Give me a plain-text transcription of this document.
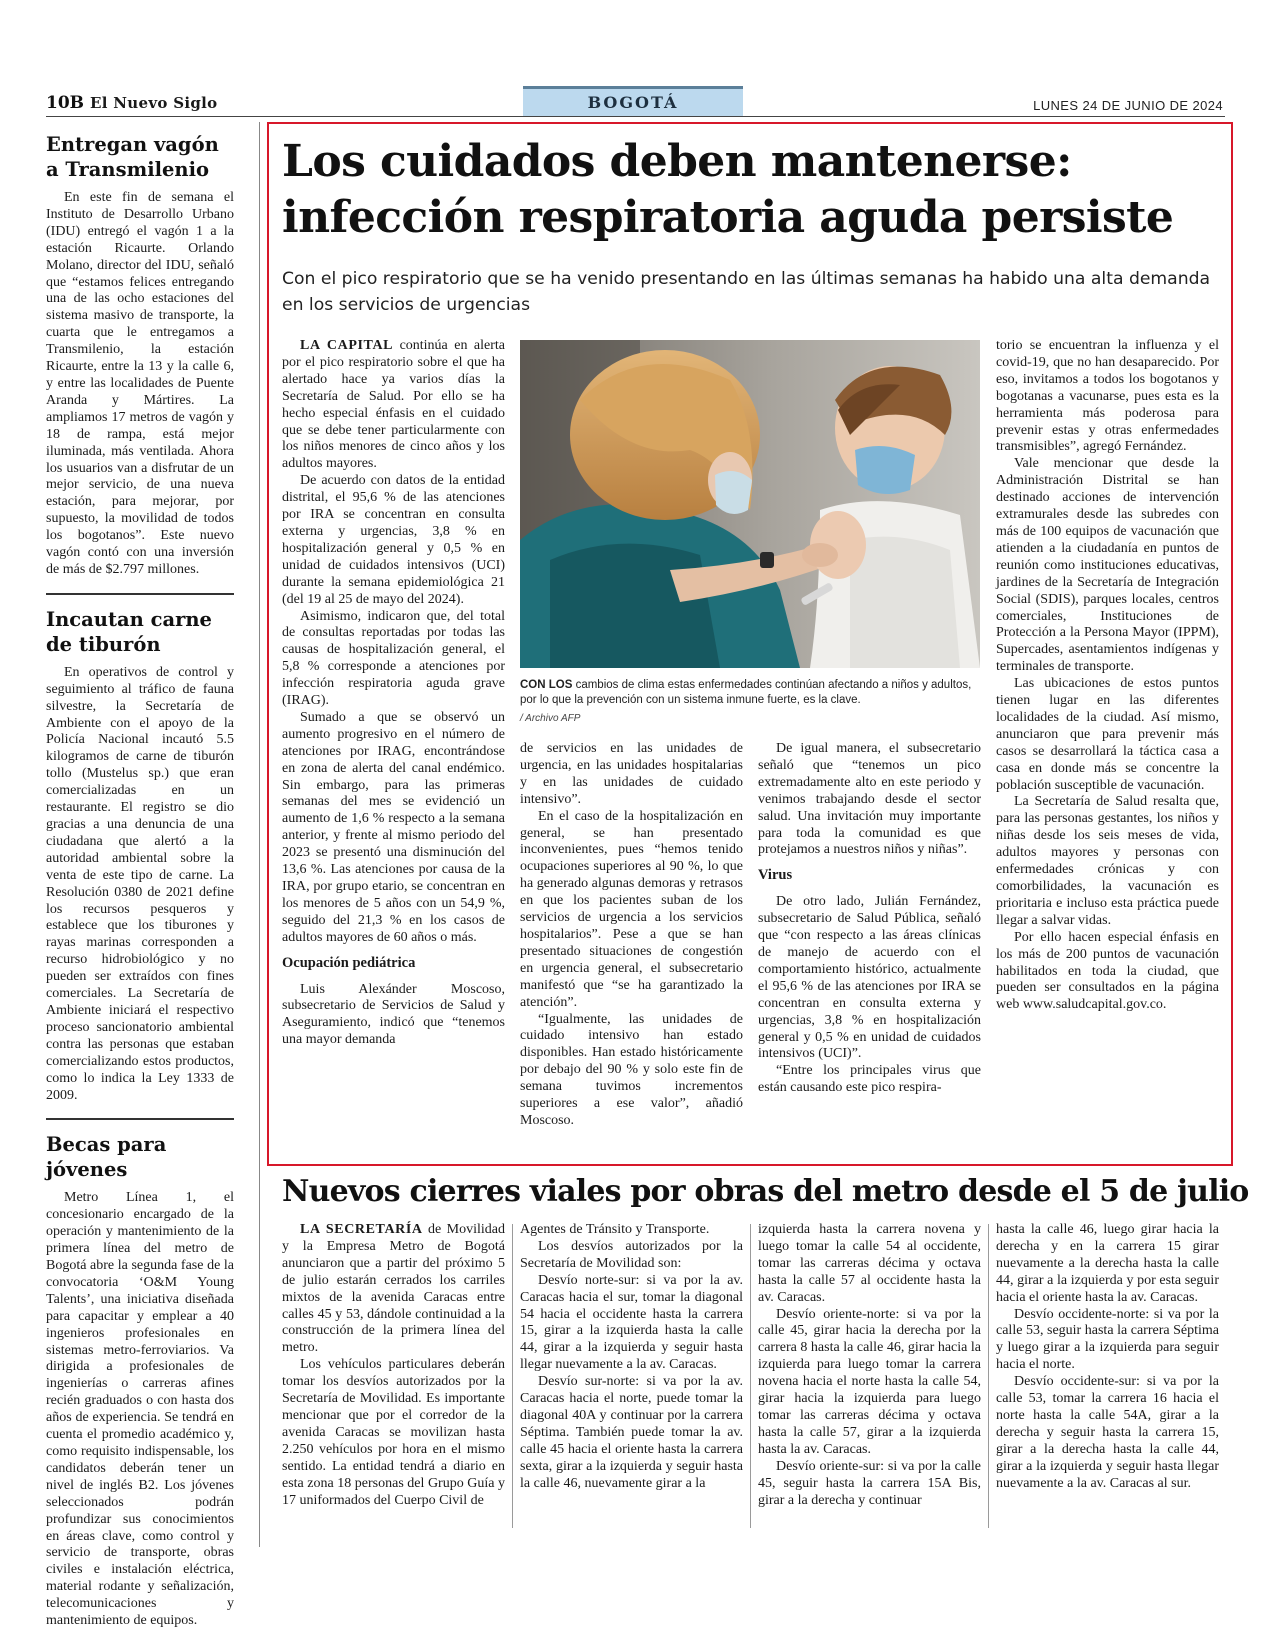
10B El Nuevo Siglo	BOGOTÁ	LUNES 24 DE JUNIO DE 2024
Entregan vagón a Transmilenio

En este fin de semana el Instituto de Desarrollo Urbano (IDU) entregó el vagón 1 a la estación Ricaurte. Orlando Molano, director del IDU, señaló que “estamos felices entregando una de las ocho estaciones del sistema masivo de transporte, la cuarta que le entregamos a Transmilenio, la estación Ricaurte, entre la 13 y la calle 6, y entre las localidades de Puente Aranda y Mártires. La ampliamos 17 metros de vagón y 18 de rampa, está mejor iluminada, más ventilada. Ahora los usuarios van a disfrutar de un mejor servicio, de una nueva estación, para mejorar, por supuesto, la movilidad de todos los bogotanos”. Este nuevo vagón contó con una inversión de más de $2.797 millones.

Incautan carne de tiburón

En operativos de control y seguimiento al tráfico de fauna silvestre, la Secretaría de Ambiente con el apoyo de la Policía Nacional incautó 5.5 kilogramos de carne de tiburón tollo (Mustelus sp.) que eran comercializadas en un restaurante. El registro se dio gracias a una denuncia de una ciudadana que alertó a la autoridad ambiental sobre la venta de este tipo de carne. La Resolución 0380 de 2021 define los recursos pesqueros y establece que los tiburones y rayas marinas corresponden a recurso hidrobiológico y no pueden ser extraídos con fines comerciales. La Secretaría de Ambiente iniciará el respectivo proceso sancionatorio ambiental contra las personas que estaban comercializando estos productos, como lo indica la Ley 1333 de 2009.

Becas para jóvenes

Metro Línea 1, el concesionario encargado de la operación y mantenimiento de la primera línea del metro de Bogotá abre la segunda fase de la convocatoria ‘O&M Young Talents’, una iniciativa diseñada para capacitar y emplear a 40 ingenieros profesionales en sistemas metro-ferroviarios. Va dirigida a profesionales de ingenierías o carreras afines recién graduados o con hasta dos años de experiencia. Se tendrá en cuenta el promedio académico y, como requisito indispensable, los candidatos deberán tener un nivel de inglés B2. Los jóvenes seleccionados podrán profundizar sus conocimientos en áreas clave, como control y servicio de transporte, obras civiles e instalación eléctrica, material rodante y señalización, telecomunicaciones y mantenimiento de equipos.

Los cuidados deben mantenerse: infección respiratoria aguda persiste
Con el pico respiratorio que se ha venido presentando en las últimas semanas ha habido una alta demanda en los servicios de urgencias

LA CAPITAL continúa en alerta por el pico respiratorio sobre el que ha alertado hace ya varios días la Secretaría de Salud. Por ello se ha hecho especial énfasis en el cuidado que se debe tener particularmente con los niños menores de cinco años y los adultos mayores.

De acuerdo con datos de la entidad distrital, el 95,6 % de las atenciones por IRA se concentran en consulta externa y urgencias, 3,8 % en hospitalización general y 0,5 % en unidad de cuidados intensivos (UCI) durante la semana epidemiológica 21 (del 19 al 25 de mayo del 2024).

Asimismo, indicaron que, del total de consultas reportadas por todas las causas de hospitalización general, el 5,8 % corresponde a atenciones por infección respiratoria aguda grave (IRAG).

Sumado a que se observó un aumento progresivo en el número de atenciones por IRAG, encontrándose en zona de alerta del canal endémico. Sin embargo, para las primeras semanas del mes se evidenció un aumento de 1,6 % respecto a la semana anterior, y frente al mismo periodo del 2023 se presentó una disminución del 13,6 %. Las atenciones por causa de la IRA, por grupo etario, se concentran en los menores de 5 años con un 54,9 %, seguido del 21,3 % en los casos de adultos mayores de 60 años o más.

Ocupación pediátrica

Luis Alexánder Moscoso, subsecretario de Servicios de Salud y Aseguramiento, indicó que “tenemos una mayor demanda

CON LOS cambios de clima estas enfermedades continúan afectando a niños y adultos, por lo que la prevención con un sistema inmune fuerte, es la clave.
/ Archivo AFP

de servicios en las unidades de urgencia, en las unidades hospitalarias y en las unidades de cuidado intensivo”.

En el caso de la hospitalización en general, se han presentado inconvenientes, pues “hemos tenido ocupaciones superiores al 90 %, lo que ha generado algunas demoras y retrasos en que los pacientes suban de los servicios de urgencia a los servicios hospitalarios”. Pese a que se han presentado situaciones de congestión en urgencia general, el subsecretario manifestó que “se ha garantizado la atención”.

“Igualmente, las unidades de cuidado intensivo han estado disponibles. Han estado históricamente por debajo del 90 % y solo este fin de semana tuvimos incrementos superiores a ese valor”, añadió Moscoso.

De igual manera, el subsecretario señaló que “tenemos un pico extremadamente alto en este periodo y venimos trabajando desde el sector salud. Una invitación muy importante para toda la comunidad es que protejamos a nuestros niños y niñas”.

Virus

De otro lado, Julián Fernández, subsecretario de Salud Pública, señaló que “con respecto a las áreas clínicas de manejo de acuerdo con el comportamiento histórico, actualmente el 95,6 % de las atenciones por IRA se concentran en consulta externa y urgencias, 3,8 % en hospitalización general y 0,5 % en unidad de cuidados intensivos (UCI)”.

“Entre los principales virus que están causando este pico respira-

torio se encuentran la influenza y el covid-19, que no han desaparecido. Por eso, invitamos a todos los bogotanos y bogotanas a vacunarse, pues esta es la herramienta más poderosa para prevenir estas y otras enfermedades transmisibles”, agregó Fernández.

Vale mencionar que desde la Administración Distrital se han destinado acciones de intervención extramurales desde las subredes con más de 100 equipos de vacunación que atienden a la ciudadanía en puntos de reunión como instituciones educativas, jardines de la Secretaría de Integración Social (SDIS), parques locales, centros comerciales, Instituciones de Protección a la Persona Mayor (IPPM), Supercades, asentamientos indígenas y terminales de transporte.

Las ubicaciones de estos puntos tienen lugar en las diferentes localidades de la ciudad. Así mismo, anunciaron que para prevenir más casos se desarrollará la táctica casa a casa en donde más se concentre la población susceptible de vacunación.

La Secretaría de Salud resalta que, para las personas gestantes, los niños y niñas desde los seis meses de vida, adultos mayores y personas con enfermedades crónicas y con comorbilidades, la vacunación es prioritaria e incluso esta práctica puede llegar a salvar vidas.

Por ello hacen especial énfasis en los más de 200 puntos de vacunación habilitados en toda la ciudad, que pueden ser consultados en la página web www.saludcapital.gov.co.

Nuevos cierres viales por obras del metro desde el 5 de julio

LA SECRETARÍA de Movilidad y la Empresa Metro de Bogotá anunciaron que a partir del próximo 5 de julio estarán cerrados los carriles mixtos de la avenida Caracas entre calles 45 y 53, dándole continuidad a la construcción de la primera línea del metro.

Los vehículos particulares deberán tomar los desvíos autorizados por la Secretaría de Movilidad. Es importante mencionar que por el corredor de la avenida Caracas se movilizan hasta 2.250 vehículos por hora en el mismo sentido. La entidad tendrá a diario en esta zona 18 personas del Grupo Guía y 17 uniformados del Cuerpo Civil de

Agentes de Tránsito y Transporte.

Los desvíos autorizados por la Secretaría de Movilidad son:

Desvío norte-sur: si va por la av. Caracas hacia el sur, tomar la diagonal 54 hacia el occidente hasta la carrera 15, girar a la izquierda hasta la calle 44, girar a la izquierda y seguir hasta llegar nuevamente a la av. Caracas.

Desvío sur-norte: si va por la av. Caracas hacia el norte, puede tomar la diagonal 40A y continuar por la carrera Séptima. También puede tomar la av. calle 45 hacia el oriente hasta la carrera sexta, girar a la izquierda y seguir hasta la calle 46, nuevamente girar a la

izquierda hasta la carrera novena y luego tomar la calle 54 al occidente, tomar las carreras décima y octava hasta la calle 57 al occidente hasta la av. Caracas.

Desvío oriente-norte: si va por la calle 45, girar hacia la derecha por la carrera 8 hasta la calle 46, girar hacia la izquierda para luego tomar la carrera novena hacia el norte hasta la calle 54, girar hacia la izquierda para luego tomar las carreras décima y octava hasta la calle 57, girar a la izquierda hasta la av. Caracas.

Desvío oriente-sur: si va por la calle 45, seguir hasta la carrera 15A Bis, girar a la derecha y continuar

hasta la calle 46, luego girar hacia la derecha y en la carrera 15 girar nuevamente a la derecha hasta la calle 44, girar a la izquierda y por esta seguir hacia el oriente hasta la av. Caracas.

Desvío occidente-norte: si va por la calle 53, seguir hasta la carrera Séptima y luego girar a la izquierda para seguir hacia el norte.

Desvío occidente-sur: si va por la calle 53, tomar la carrera 16 hacia el norte hasta la calle 54A, girar a la derecha y seguir hasta la carrera 15, girar a la derecha hasta la calle 44, girar a la izquierda y seguir hasta llegar nuevamente a la av. Caracas al sur.
